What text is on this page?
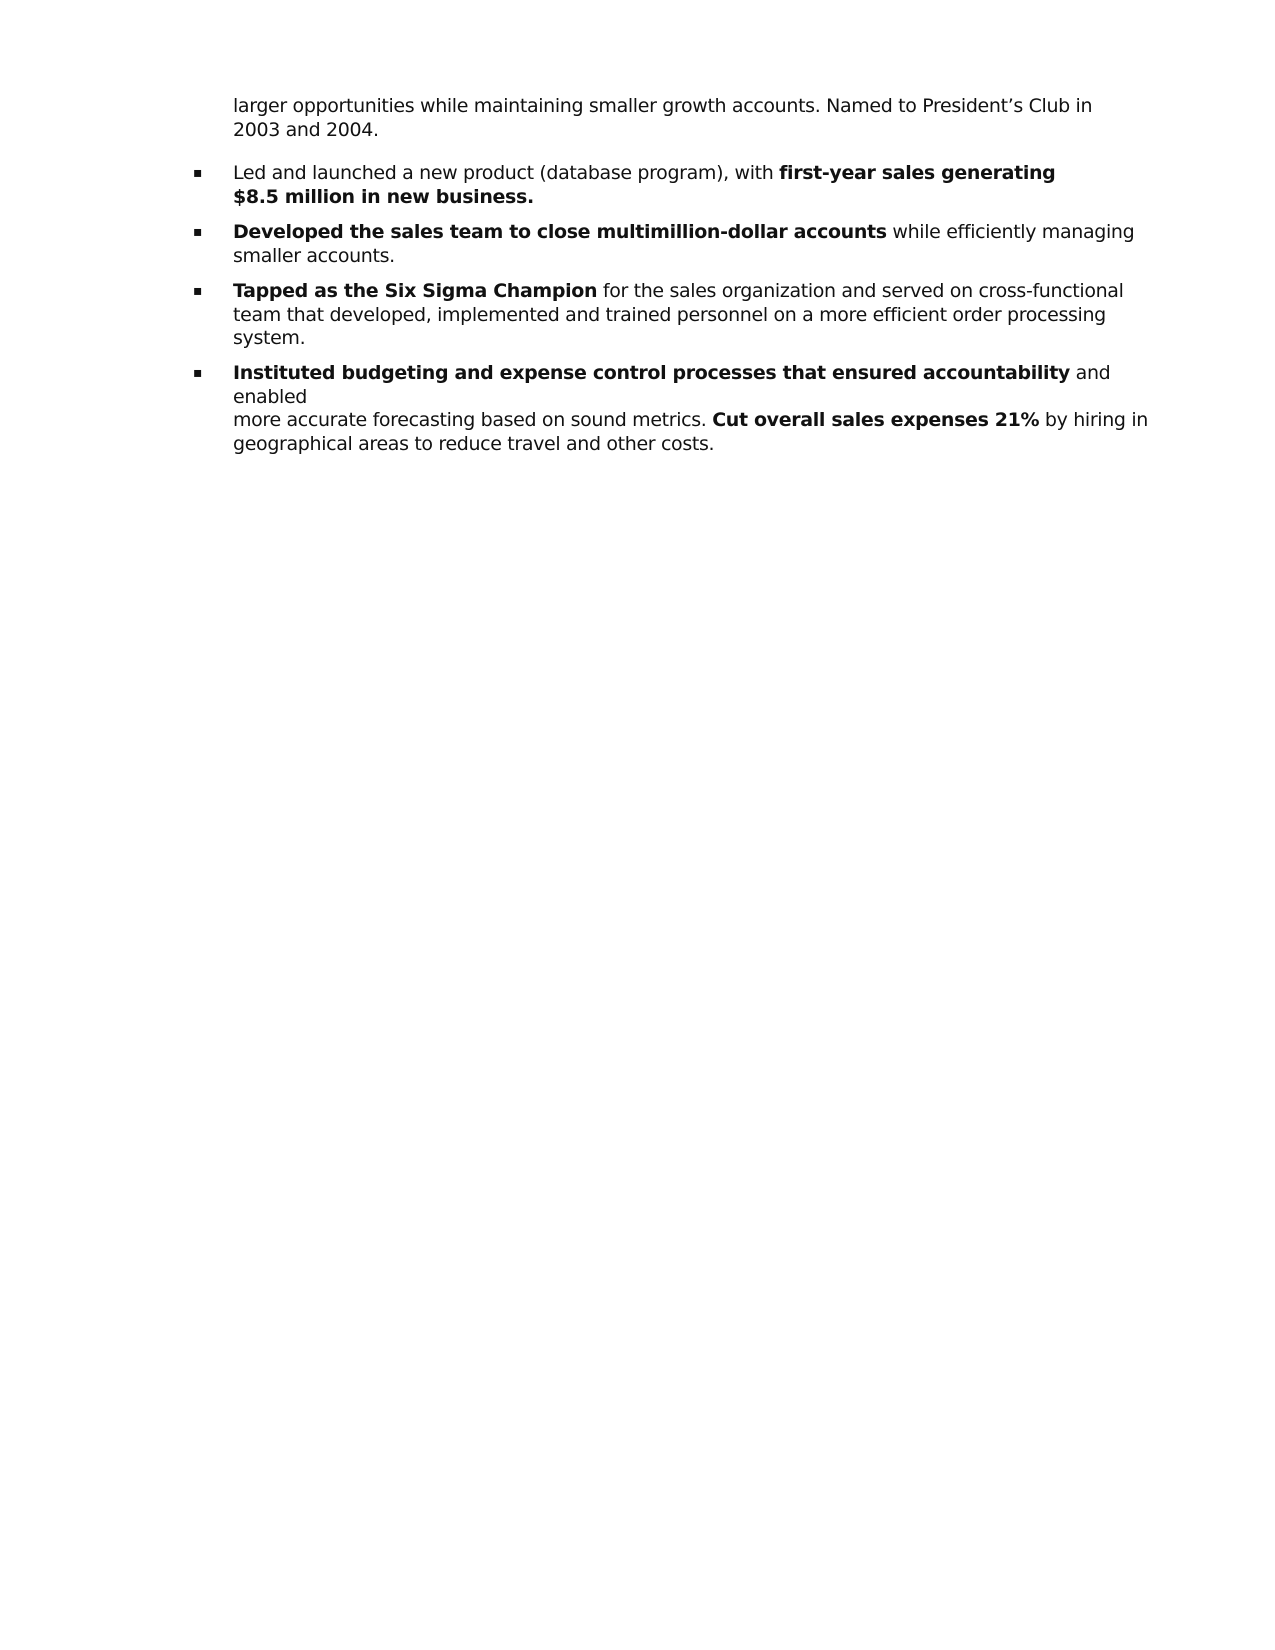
larger opportunities while maintaining smaller growth accounts. Named to President’s Club in
2003 and 2004.
▪ Led and launched a new product (database program), with first-year sales generating
$8.5 million in new business.
▪ Developed the sales team to close multimillion-dollar accounts while efficiently managing
smaller accounts.
▪ Tapped as the Six Sigma Champion for the sales organization and served on cross-functional
team that developed, implemented and trained personnel on a more efficient order processing
system.
▪ Instituted budgeting and expense control processes that ensured accountability and
enabled
more accurate forecasting based on sound metrics. Cut overall sales expenses 21% by hiring in
geographical areas to reduce travel and other costs.
